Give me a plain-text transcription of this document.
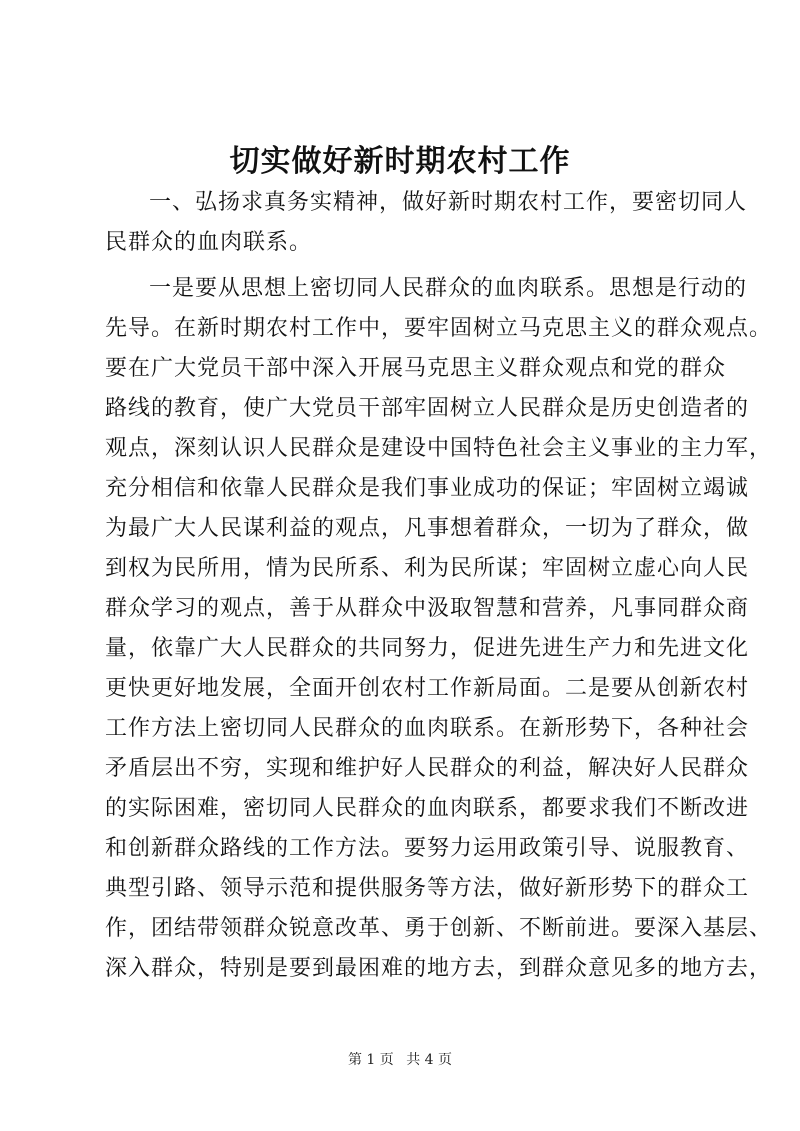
切实做好新时期农村工作
一、弘扬求真务实精神，做好新时期农村工作，要密切同人
民群众的血肉联系。
一是要从思想上密切同人民群众的血肉联系。思想是行动的
先导。在新时期农村工作中，要牢固树立马克思主义的群众观点。
要在广大党员干部中深入开展马克思主义群众观点和党的群众
路线的教育，使广大党员干部牢固树立人民群众是历史创造者的
观点，深刻认识人民群众是建设中国特色社会主义事业的主力军，
充分相信和依靠人民群众是我们事业成功的保证；牢固树立竭诚
为最广大人民谋利益的观点，凡事想着群众，一切为了群众，做
到权为民所用，情为民所系、利为民所谋；牢固树立虚心向人民
群众学习的观点，善于从群众中汲取智慧和营养，凡事同群众商
量，依靠广大人民群众的共同努力，促进先进生产力和先进文化
更快更好地发展，全面开创农村工作新局面。二是要从创新农村
工作方法上密切同人民群众的血肉联系。在新形势下，各种社会
矛盾层出不穷，实现和维护好人民群众的利益，解决好人民群众
的实际困难，密切同人民群众的血肉联系，都要求我们不断改进
和创新群众路线的工作方法。要努力运用政策引导、说服教育、
典型引路、领导示范和提供服务等方法，做好新形势下的群众工
作，团结带领群众锐意改革、勇于创新、不断前进。要深入基层、
深入群众，特别是要到最困难的地方去，到群众意见多的地方去，
第 1 页 共 4 页
